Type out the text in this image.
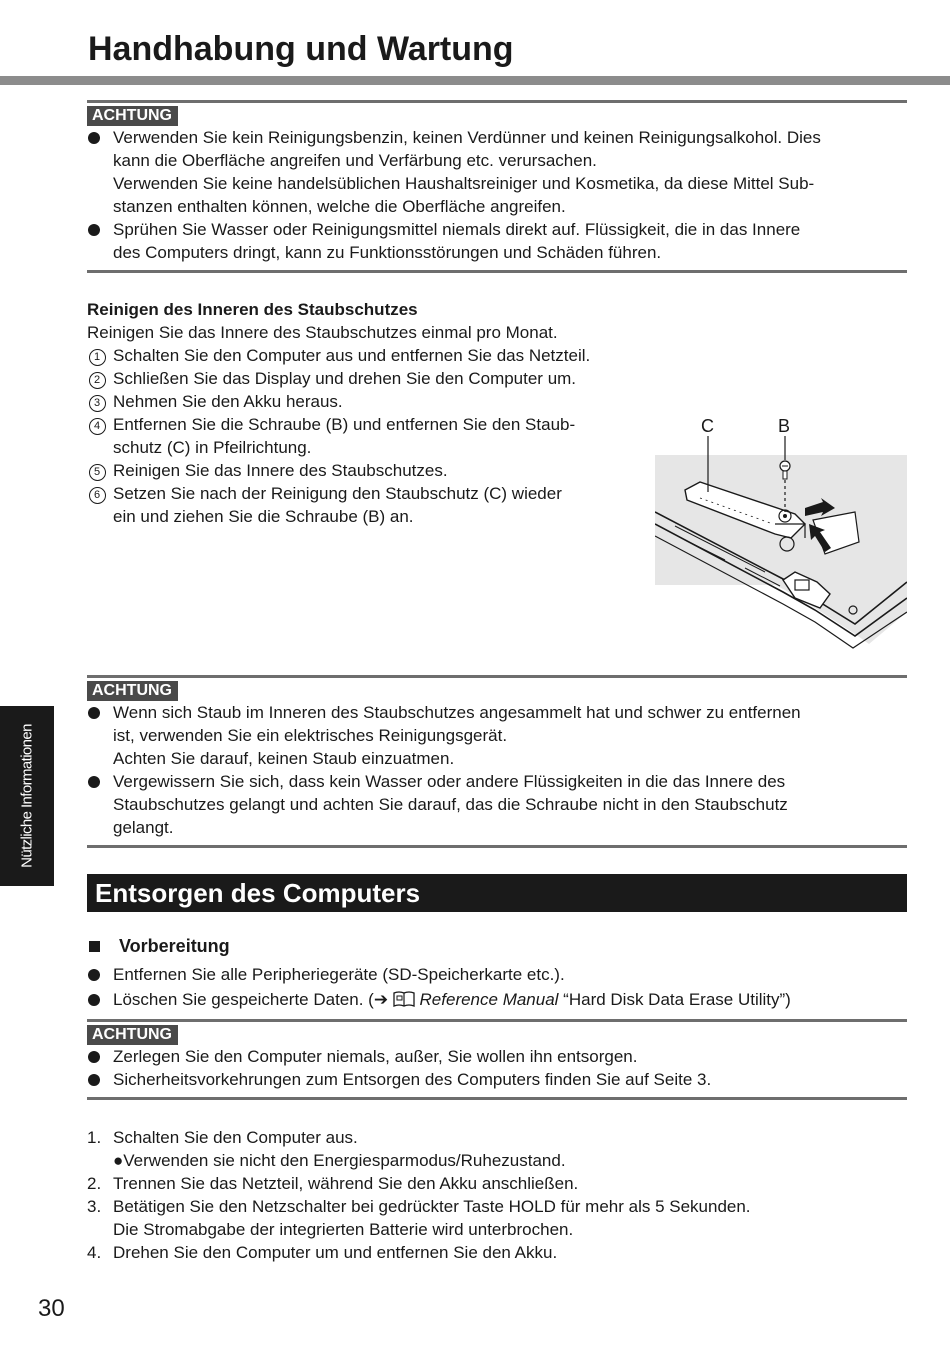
Handhabung und Wartung
ACHTUNG
Verwenden Sie kein Reinigungsbenzin, keinen Verdünner und keinen Reinigungsalkohol. Dies
kann die Oberfläche angreifen und Verfärbung etc. verursachen.
Verwenden Sie keine handelsüblichen Haushaltsreiniger und Kosmetika, da diese Mittel Sub-
stanzen enthalten können, welche die Oberfläche angreifen.
Sprühen Sie Wasser oder Reinigungsmittel niemals direkt auf. Flüssigkeit, die in das Innere
des Computers dringt, kann zu Funktionsstörungen und Schäden führen.
Reinigen des Inneren des Staubschutzes
Reinigen Sie das Innere des Staubschutzes einmal pro Monat.
1 Schalten Sie den Computer aus und entfernen Sie das Netzteil.
2 Schließen Sie das Display und drehen Sie den Computer um.
3 Nehmen Sie den Akku heraus.
4 Entfernen Sie die Schraube (B) und entfernen Sie den Staub-
schutz (C) in Pfeilrichtung.
5 Reinigen Sie das Innere des Staubschutzes.
6 Setzen Sie nach der Reinigung den Staubschutz (C) wieder
ein und ziehen Sie die Schraube (B) an.
C	B
ACHTUNG
Wenn sich Staub im Inneren des Staubschutzes angesammelt hat und schwer zu entfernen
ist, verwenden Sie ein elektrisches Reinigungsgerät.
Achten Sie darauf, keinen Staub einzuatmen.
Vergewissern Sie sich, dass kein Wasser oder andere Flüssigkeiten in die das Innere des
Staubschutzes gelangt und achten Sie darauf, das die Schraube nicht in den Staubschutz
gelangt.
Nützliche Informationen
Entsorgen des Computers
Vorbereitung
Entfernen Sie alle Peripheriegeräte (SD-Speicherkarte etc.).
Löschen Sie gespeicherte Daten. (➔  Reference Manual “Hard Disk Data Erase Utility”)
ACHTUNG
Zerlegen Sie den Computer niemals, außer, Sie wollen ihn entsorgen.
Sicherheitsvorkehrungen zum Entsorgen des Computers finden Sie auf Seite 3.
1. Schalten Sie den Computer aus.
●Verwenden sie nicht den Energiesparmodus/Ruhezustand.
2. Trennen Sie das Netzteil, während Sie den Akku anschließen.
3. Betätigen Sie den Netzschalter bei gedrückter Taste HOLD für mehr als 5 Sekunden.
Die Stromabgabe der integrierten Batterie wird unterbrochen.
4. Drehen Sie den Computer um und entfernen Sie den Akku.
30
